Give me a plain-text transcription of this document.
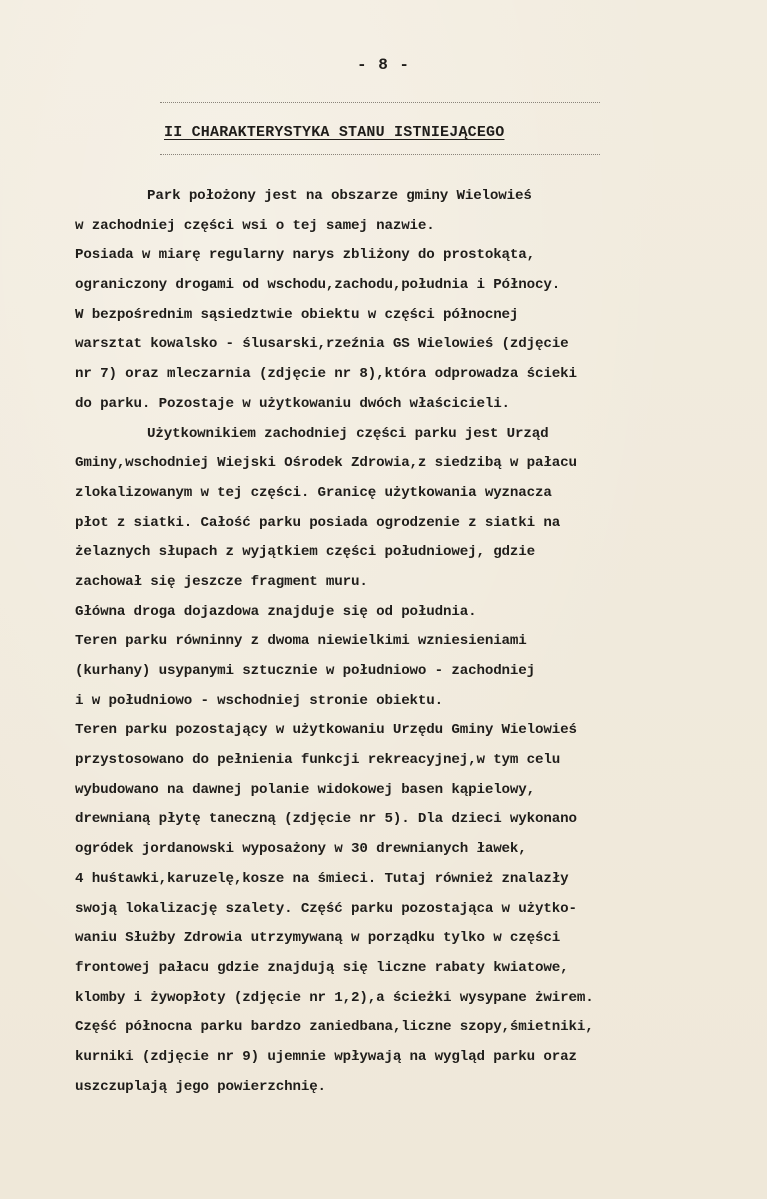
- 8 -
II CHARAKTERYSTYKA STANU ISTNIEJĄCEGO
Park położony jest na obszarze gminy Wielowieś
w zachodniej części wsi o tej samej nazwie.
Posiada w miarę regularny narys zbliżony do prostokąta,
ograniczony drogami od wschodu,zachodu,południa i Północy.
W bezpośrednim sąsiedztwie obiektu w części północnej
warsztat kowalsko - ślusarski,rzeźnia GS Wielowieś (zdjęcie
nr 7) oraz mleczarnia (zdjęcie nr 8),która odprowadza ścieki
do parku. Pozostaje w użytkowaniu dwóch właścicieli.
Użytkownikiem zachodniej części parku jest Urząd
Gminy,wschodniej Wiejski Ośrodek Zdrowia,z siedzibą w pałacu
zlokalizowanym w tej części. Granicę użytkowania wyznacza
płot z siatki. Całość parku posiada ogrodzenie z siatki na
żelaznych słupach z wyjątkiem części południowej, gdzie
zachował się jeszcze fragment muru.
Główna droga dojazdowa znajduje się od południa.
Teren parku równinny z dwoma niewielkimi wzniesieniami
(kurhany) usypanymi sztucznie w południowo - zachodniej
i w południowo - wschodniej stronie obiektu.
Teren parku pozostający w użytkowaniu Urzędu Gminy Wielowieś
przystosowano do pełnienia funkcji rekreacyjnej,w tym celu
wybudowano na dawnej polanie widokowej basen kąpielowy,
drewnianą płytę taneczną (zdjęcie nr 5). Dla dzieci wykonano
ogródek jordanowski wyposażony w 30 drewnianych ławek,
4 huśtawki,karuzelę,kosze na śmieci. Tutaj również znalazły
swoją lokalizację szalety. Część parku pozostająca w użytko-
waniu Służby Zdrowia utrzymywaną w porządku tylko w części
frontowej pałacu gdzie znajdują się liczne rabaty kwiatowe,
klomby i żywopłoty (zdjęcie nr 1,2),a ścieżki wysypane żwirem.
Część północna parku bardzo zaniedbana,liczne szopy,śmietniki,
kurniki (zdjęcie nr 9) ujemnie wpływają na wygląd parku oraz
uszczuplają jego powierzchnię.
